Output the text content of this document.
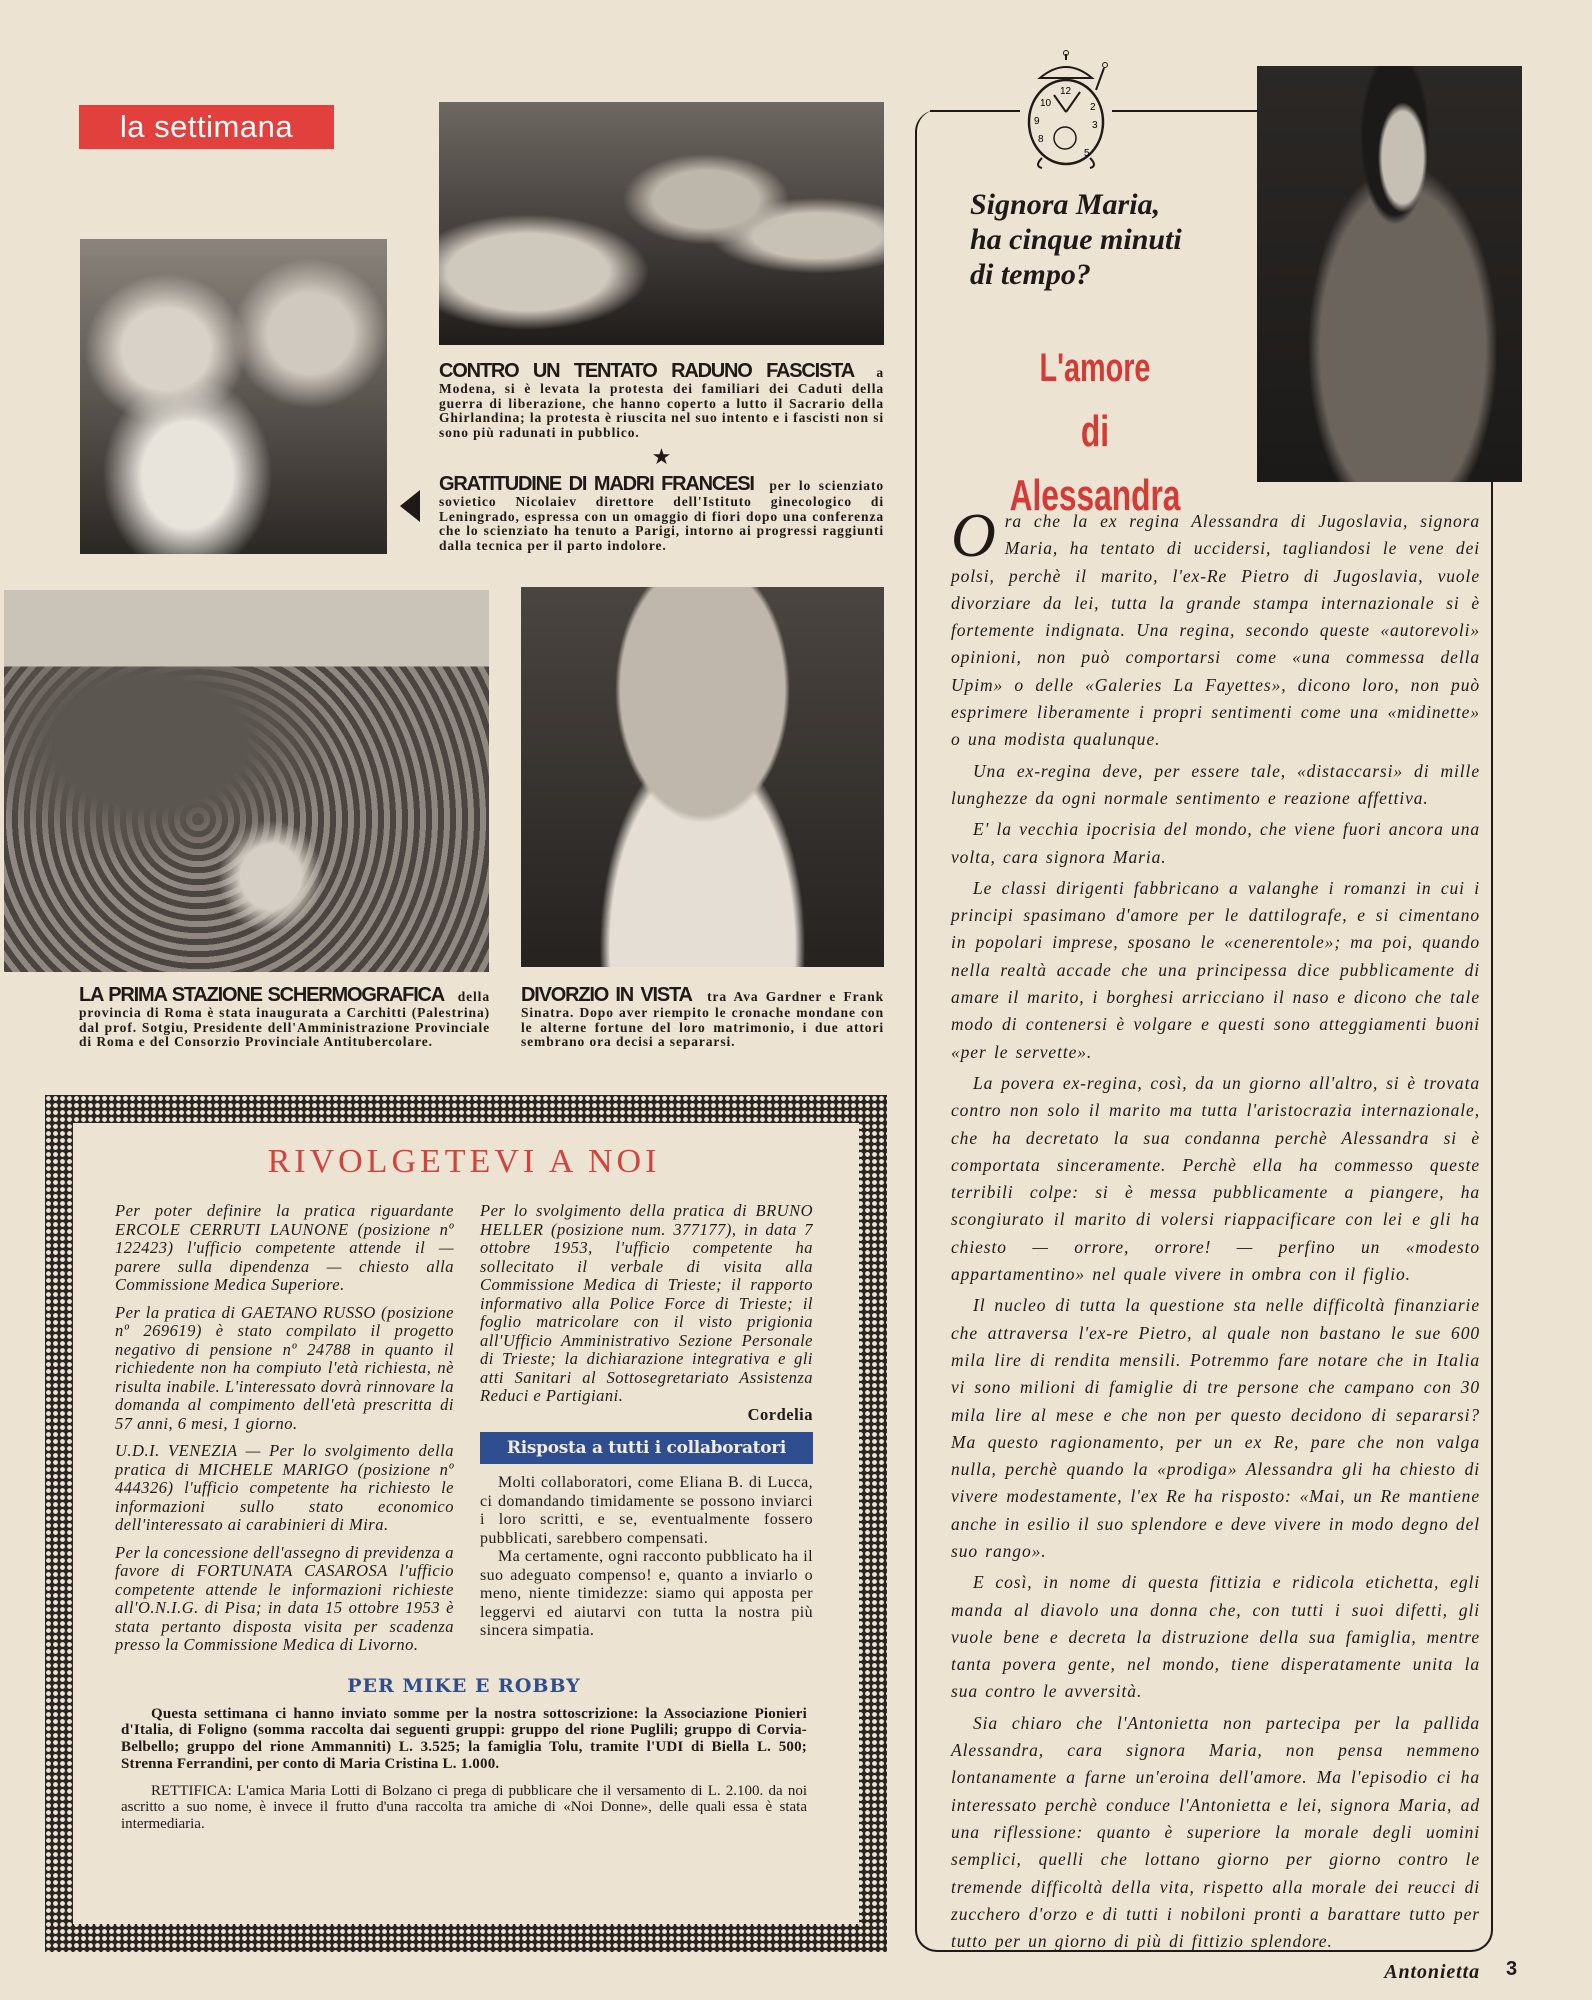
la settimana
CONTRO UN TENTATO RADUNO FASCISTA a Modena, si è levata la protesta dei familiari dei Caduti della guerra di liberazione, che hanno coperto a lutto il Sacrario della Ghirlandina; la protesta è riuscita nel suo intento e i fascisti non si sono più radunati in pubblico.
★
GRATITUDINE DI MADRI FRANCESI per lo scienziato sovietico Nicolaiev direttore dell'Istituto ginecologico di Leningrado, espressa con un omaggio di fiori dopo una conferenza che lo scienziato ha tenuto a Parigi, intorno ai progressi raggiunti dalla tecnica per il parto indolore.
LA PRIMA STAZIONE SCHERMOGRAFICA della provincia di Roma è stata inaugurata a Carchitti (Palestrina) dal prof. Sotgiu, Presidente dell'Amministrazione Provinciale di Roma e del Consorzio Provinciale Antitubercolare.
DIVORZIO IN VISTA tra Ava Gardner e Frank Sinatra. Dopo aver riempito le cronache mondane con le alterne fortune del loro matrimonio, i due attori sembrano ora decisi a separarsi.
RIVOLGETEVI A NOI

Per poter definire la pratica riguardante ERCOLE CERRUTI LAUNONE (posizione nº 122423) l'ufficio competente attende il — parere sulla dipendenza — chiesto alla Commissione Medica Superiore.

Per la pratica di GAETANO RUSSO (posizione nº 269619) è stato compilato il progetto negativo di pensione nº 24788 in quanto il richiedente non ha compiuto l'età richiesta, nè risulta inabile. L'interessato dovrà rinnovare la domanda al compimento dell'età prescritta di 57 anni, 6 mesi, 1 giorno.

U.D.I. VENEZIA — Per lo svolgimento della pratica di MICHELE MARIGO (posizione nº 444326) l'ufficio competente ha richiesto le informazioni sullo stato economico dell'interessato ai carabinieri di Mira.

Per la concessione dell'assegno di previdenza a favore di FORTUNATA CASAROSA l'ufficio competente attende le informazioni richieste all'O.N.I.G. di Pisa; in data 15 ottobre 1953 è stata pertanto disposta visita per scadenza presso la Commissione Medica di Livorno.

Per lo svolgimento della pratica di BRUNO HELLER (posizione num. 377177), in data 7 ottobre 1953, l'ufficio competente ha sollecitato il verbale di visita alla Commissione Medica di Trieste; il rapporto informativo alla Police Force di Trieste; il foglio matricolare con il visto prigionia all'Ufficio Amministrativo Sezione Personale di Trieste; la dichiarazione integrativa e gli atti Sanitari al Sottosegretariato Assistenza Reduci e Partigiani.

Cordelia
Risposta a tutti i collaboratori

Molti collaboratori, come Eliana B. di Lucca, ci domandando timidamente se possono inviarci i loro scritti, e se, eventualmente fossero pubblicati, sarebbero compensati.

Ma certamente, ogni racconto pubblicato ha il suo adeguato compenso! e, quanto a inviarlo o meno, niente timidezze: siamo qui apposta per leggervi ed aiutarvi con tutta la nostra più sincera simpatia.

PER MIKE E ROBBY
Questa settimana ci hanno inviato somme per la nostra sottoscrizione: la Associazione Pionieri d'Italia, di Foligno (somma raccolta dai seguenti gruppi: gruppo del rione Puglili; gruppo di Corvia-Belbello; gruppo del rione Ammanniti) L. 3.525; la famiglia Tolu, tramite l'UDI di Biella L. 500; Strenna Ferrandini, per conto di Maria Cristina L. 1.000.
RETTIFICA: L'amica Maria Lotti di Bolzano ci prega di pubblicare che il versamento di L. 2.100. da noi ascritto a suo nome, è invece il frutto d'una raccolta tra amiche di «Noi Donne», delle quali essa è stata intermediaria.
12
10
9
8
2
3
5
Signora Maria,
ha cinque minuti
di tempo?
L'amore
di Alessandra

Ora che la ex regina Alessandra di Jugoslavia, signora Maria, ha tentato di uccidersi, tagliandosi le vene dei polsi, perchè il marito, l'ex-Re Pietro di Jugoslavia, vuole divorziare da lei, tutta la grande stampa internazionale si è fortemente indignata. Una regina, secondo queste «autorevoli» opinioni, non può comportarsi come «una commessa della Upim» o delle «Galeries La Fayettes», dicono loro, non può esprimere liberamente i propri sentimenti come una «midinette» o una modista qualunque.

Una ex-regina deve, per essere tale, «distaccarsi» di mille lunghezze da ogni normale sentimento e reazione affettiva.

E' la vecchia ipocrisia del mondo, che viene fuori ancora una volta, cara signora Maria.

Le classi dirigenti fabbricano a valanghe i romanzi in cui i principi spasimano d'amore per le dattilografe, e si cimentano in popolari imprese, sposano le «cenerentole»; ma poi, quando nella realtà accade che una principessa dice pubblicamente di amare il marito, i borghesi arricciano il naso e dicono che tale modo di contenersi è volgare e questi sono atteggiamenti buoni «per le servette».

La povera ex-regina, così, da un giorno all'altro, si è trovata contro non solo il marito ma tutta l'aristocrazia internazionale, che ha decretato la sua condanna perchè Alessandra si è comportata sinceramente. Perchè ella ha commesso queste terribili colpe: si è messa pubblicamente a piangere, ha scongiurato il marito di volersi riappacificare con lei e gli ha chiesto — orrore, orrore! — perfino un «modesto appartamentino» nel quale vivere in ombra con il figlio.

Il nucleo di tutta la questione sta nelle difficoltà finanziarie che attraversa l'ex-re Pietro, al quale non bastano le sue 600 mila lire di rendita mensili. Potremmo fare notare che in Italia vi sono milioni di famiglie di tre persone che campano con 30 mila lire al mese e che non per questo decidono di separarsi? Ma questo ragionamento, per un ex Re, pare che non valga nulla, perchè quando la «prodiga» Alessandra gli ha chiesto di vivere modestamente, l'ex Re ha risposto: «Mai, un Re mantiene anche in esilio il suo splendore e deve vivere in modo degno del suo rango».

E così, in nome di questa fittizia e ridicola etichetta, egli manda al diavolo una donna che, con tutti i suoi difetti, gli vuole bene e decreta la distruzione della sua famiglia, mentre tanta povera gente, nel mondo, tiene disperatamente unita la sua contro le avversità.

Sia chiaro che l'Antonietta non partecipa per la pallida Alessandra, cara signora Maria, non pensa nemmeno lontanamente a farne un'eroina dell'amore. Ma l'episodio ci ha interessato perchè conduce l'Antonietta e lei, signora Maria, ad una riflessione: quanto è superiore la morale degli uomini semplici, quelli che lottano giorno per giorno contro le tremende difficoltà della vita, rispetto alla morale dei reucci di zucchero d'orzo e di tutti i nobiloni pronti a barattare tutto per tutto per un giorno di più di fittizio splendore.

Antonietta 3
